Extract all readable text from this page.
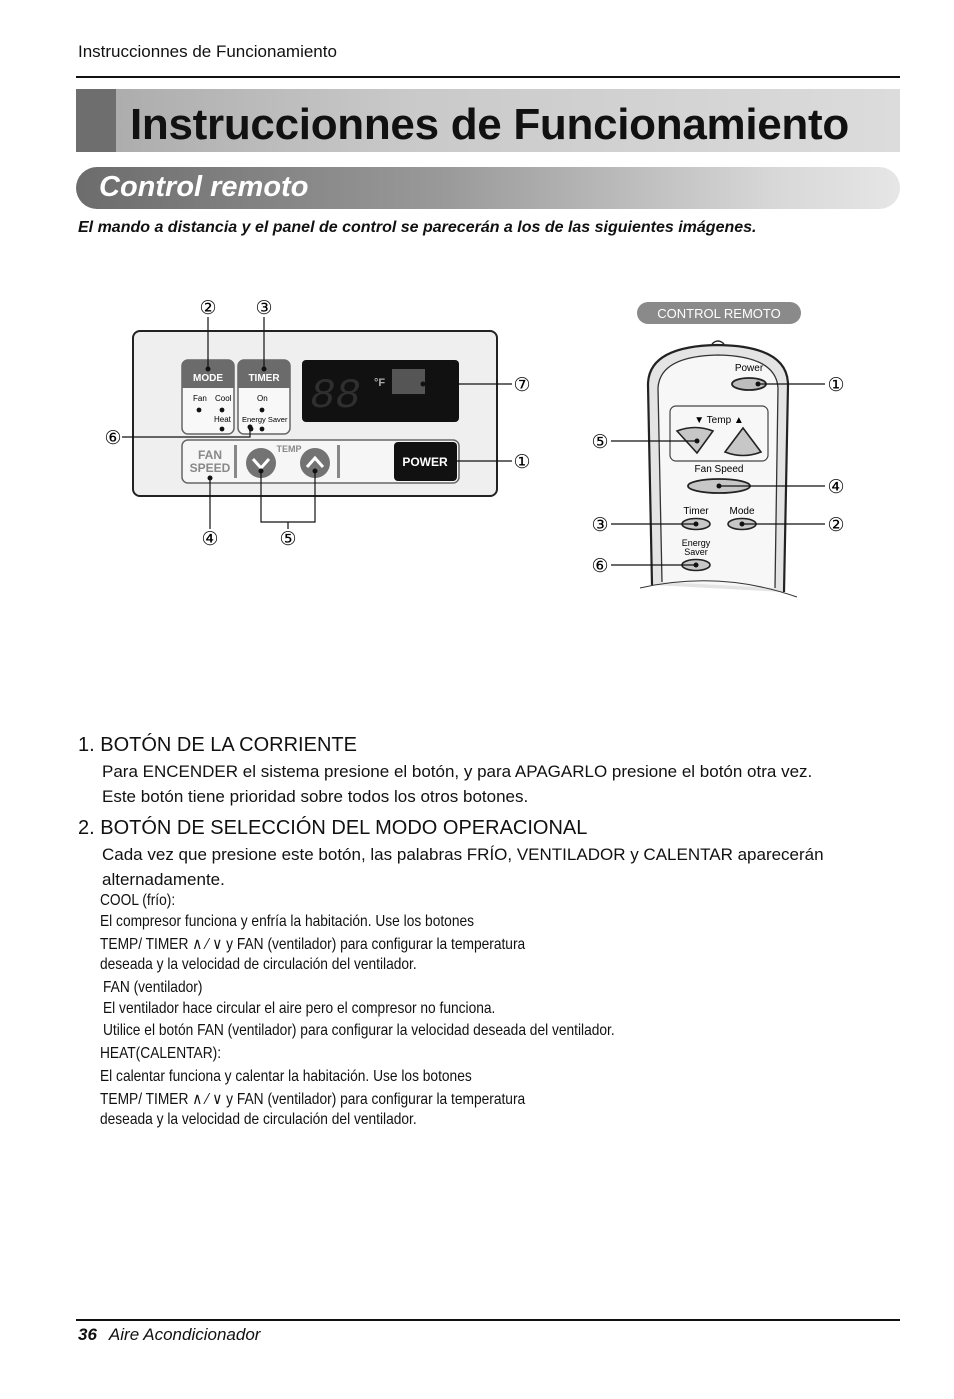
Instruccionnes de Funcionamiento
Instruccionnes de Funcionamiento
Control remoto
El mando a distancia y el panel de control se parecerán a los de las siguientes imágenes.
MODE
Fan Cool
Heat
TIMER
On
Energy Saver 88 °F
FAN
SPEED
TEMP
POWER
② ③
⑦
⑥
①
④	⑤
CONTROL REMOTO
Power
▼ Temp ▲
Fan Speed
Timer Mode
Energy
Saver
①
⑤
④
③	②
⑥
1. BOTÓN DE LA CORRIENTE
Para ENCENDER el sistema presione el botón, y para APAGARLO presione el botón otra vez.
Este botón tiene prioridad sobre todos los otros botones.
2. BOTÓN DE SELECCIÓN DEL MODO OPERACIONAL
Cada vez que presione este botón, las palabras FRÍO, VENTILADOR y CALENTAR aparecerán
alternadamente.
COOL (frío):
El compresor funciona y enfría la habitación. Use los botones
TEMP/ TIMER ∧ ⁄ ∨ y FAN (ventilador) para configurar la temperatura
deseada y la velocidad de circulación del ventilador.
FAN (ventilador)
El ventilador hace circular el aire pero el compresor no funciona.
Utilice el botón FAN (ventilador) para configurar la velocidad deseada del ventilador.
HEAT(CALENTAR):
El calentar funciona y calentar la habitación. Use los botones
TEMP/ TIMER ∧ ⁄ ∨ y FAN (ventilador) para configurar la temperatura
deseada y la velocidad de circulación del ventilador.
36 Aire Acondicionador
